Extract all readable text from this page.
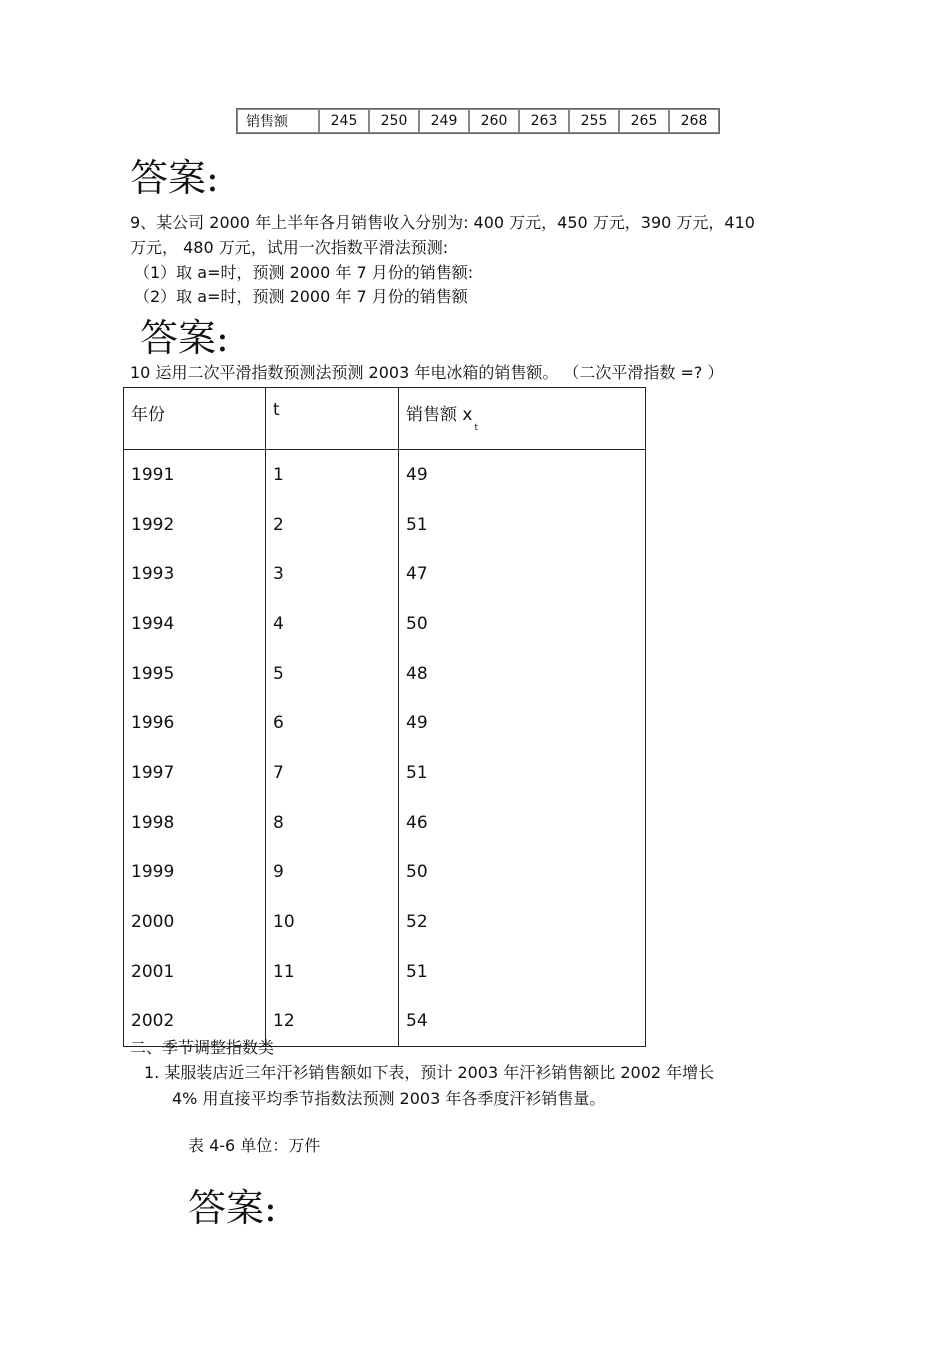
销售额	245	250	249	260	263	255	265	268
答案:
9、某公司 2000 年上半年各月销售收入分别为: 400 万元，450 万元，390 万元，410
万元， 480 万元，试用一次指数平滑法预测:
（1）取 a=时，预测 2000 年 7 月份的销售额:
（2）取 a=时，预测 2000 年 7 月份的销售额
答案:
10 运用二次平滑指数预测法预测 2003 年电冰箱的销售额。 （二次平滑指数 =? ）
年份	t	销售额 $x_t$
1991	1	49
1992	2	51
1993	3	47
1994	4	50
1995	5	48
1996	6	49
1997	7	51
1998	8	46
1999	9	50
2000	10	52
2001	11	51
2002	12	54
二、季节调整指数类
1. 某服装店近三年汗衫销售额如下表，预计 2003 年汗衫销售额比 2002 年增长
4% 用直接平均季节指数法预测 2003 年各季度汗衫销售量。
表 4-6 单位：万件
答案:
